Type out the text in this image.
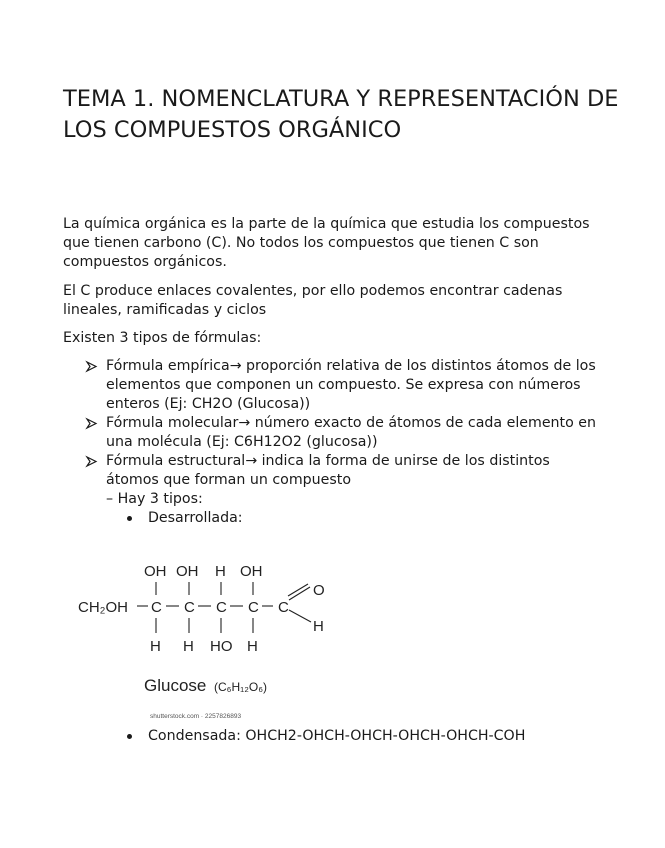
TEMA 1. NOMENCLATURA Y REPRESENTACIÓN DE LOS COMPUESTOS ORGÁNICO

La química orgánica es la parte de la química que estudia los compuestos que tienen carbono (C). No todos los compuestos que tienen C son compuestos orgánicos.

El C produce enlaces covalentes, por ello podemos encontrar cadenas lineales, ramificadas y ciclos

Existen 3 tipos de fórmulas:

Fórmula empírica→ proporción relativa de los distintos átomos de los elementos que componen un compuesto. Se expresa con números enteros (Ej: CH2O (Glucosa))
Fórmula molecular→ número exacto de átomos de cada elemento en una molécula (Ej: C6H12O2 (glucosa))
Fórmula estructural→ indica la forma de unirse de los distintos átomos que forman un compuesto
– Hay 3 tipos:
Desarrollada:
OH OH H OH
CH₂OH C C C C C
O
H
H H HO H
Glucose (C₆H₁₂O₆)
shutterstock.com · 2257826893
Condensada: OHCH2-OHCH-OHCH-OHCH-OHCH-COH
